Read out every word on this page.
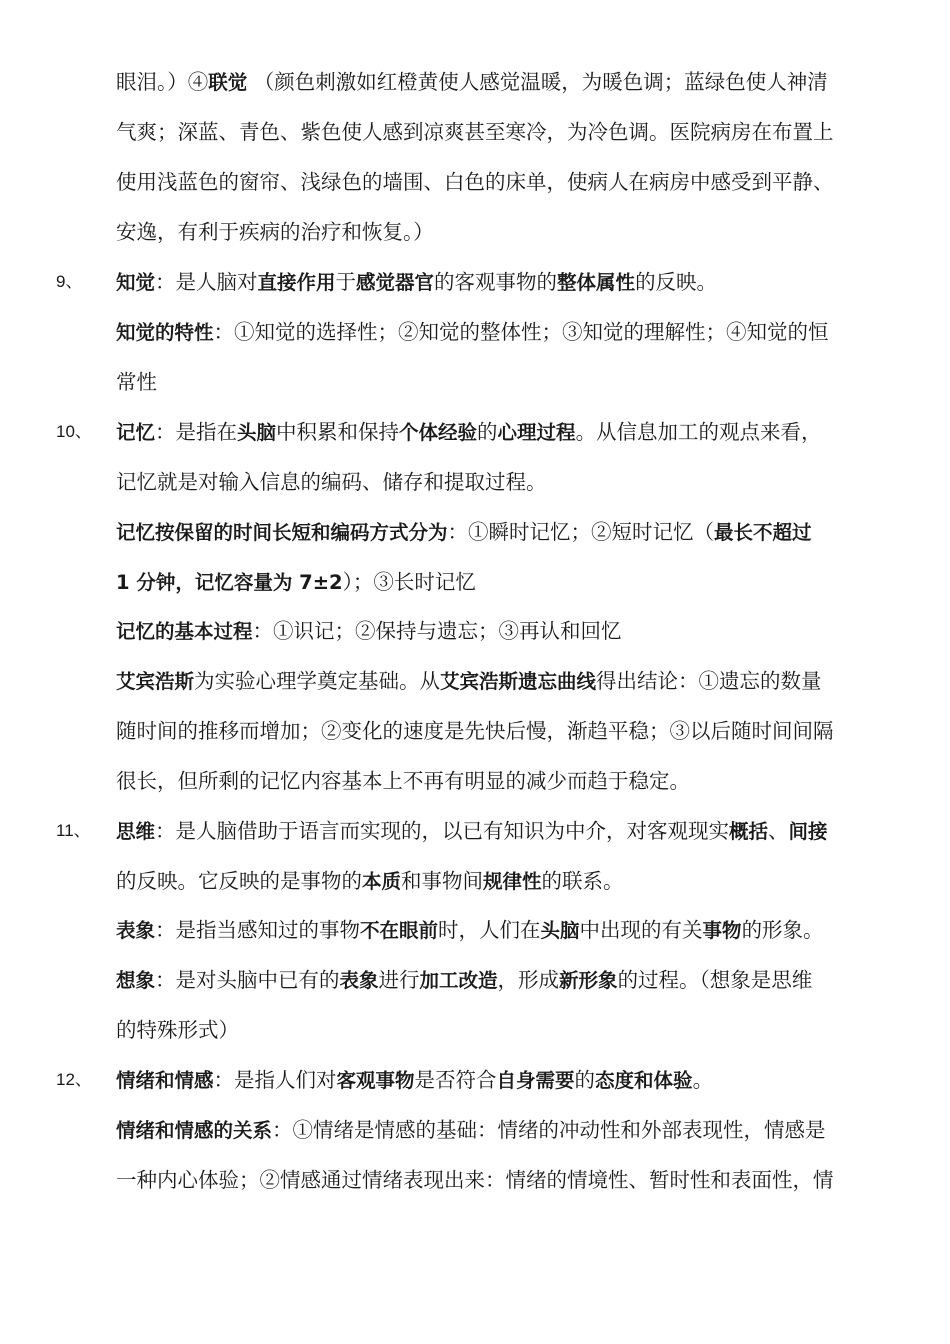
眼泪。）④联觉 （颜色刺激如红橙黄使人感觉温暖，为暖色调；蓝绿色使人神清
气爽；深蓝、青色、紫色使人感到凉爽甚至寒冷，为冷色调。医院病房在布置上
使用浅蓝色的窗帘、浅绿色的墙围、白色的床单，使病人在病房中感受到平静、
安逸，有利于疾病的治疗和恢复。）
9、 知觉：是人脑对直接作用于感觉器官的客观事物的整体属性的反映。
知觉的特性：①知觉的选择性；②知觉的整体性；③知觉的理解性；④知觉的恒
常性
10、 记忆：是指在头脑中积累和保持个体经验的心理过程。从信息加工的观点来看，
记忆就是对输入信息的编码、储存和提取过程。
记忆按保留的时间长短和编码方式分为：①瞬时记忆；②短时记忆（最长不超过
1 分钟，记忆容量为 7±2）；③长时记忆
记忆的基本过程：①识记；②保持与遗忘；③再认和回忆
艾宾浩斯为实验心理学奠定基础。从艾宾浩斯遗忘曲线得出结论：①遗忘的数量
随时间的推移而增加；②变化的速度是先快后慢，渐趋平稳；③以后随时间间隔
很长，但所剩的记忆内容基本上不再有明显的减少而趋于稳定。
11、 思维：是人脑借助于语言而实现的，以已有知识为中介，对客观现实概括、间接
的反映。它反映的是事物的本质和事物间规律性的联系。
表象：是指当感知过的事物不在眼前时，人们在头脑中出现的有关事物的形象。
想象：是对头脑中已有的表象进行加工改造，形成新形象的过程。（想象是思维
的特殊形式）
12、 情绪和情感：是指人们对客观事物是否符合自身需要的态度和体验。
情绪和情感的关系：①情绪是情感的基础：情绪的冲动性和外部表现性，情感是
一种内心体验；②情感通过情绪表现出来：情绪的情境性、暂时性和表面性，情
